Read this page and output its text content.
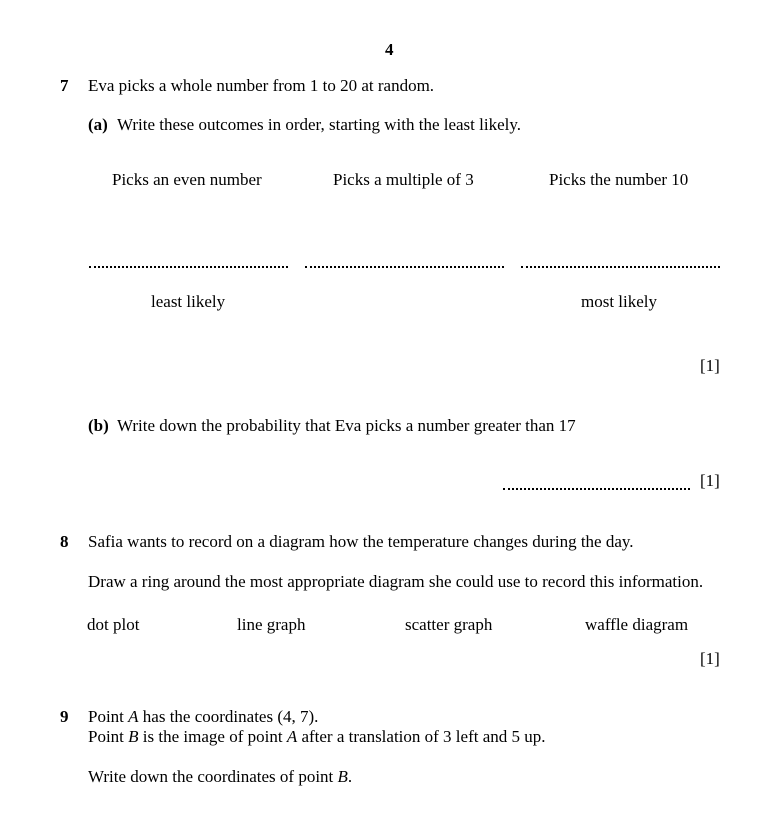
4
7 Eva picks a whole number from 1 to 20 at random.
(a) Write these outcomes in order, starting with the least likely.
Picks an even number	Picks a multiple of 3	Picks the number 10
least likely	most likely
[1]
(b) Write down the probability that Eva picks a number greater than 17
[1]
8 Safia wants to record on a diagram how the temperature changes during the day.
Draw a ring around the most appropriate diagram she could use to record this information.
dot plot	line graph	scatter graph	waffle diagram
[1]
9 Point A has the coordinates (4, 7).
Point B is the image of point A after a translation of 3 left and 5 up.
Write down the coordinates of point B.
